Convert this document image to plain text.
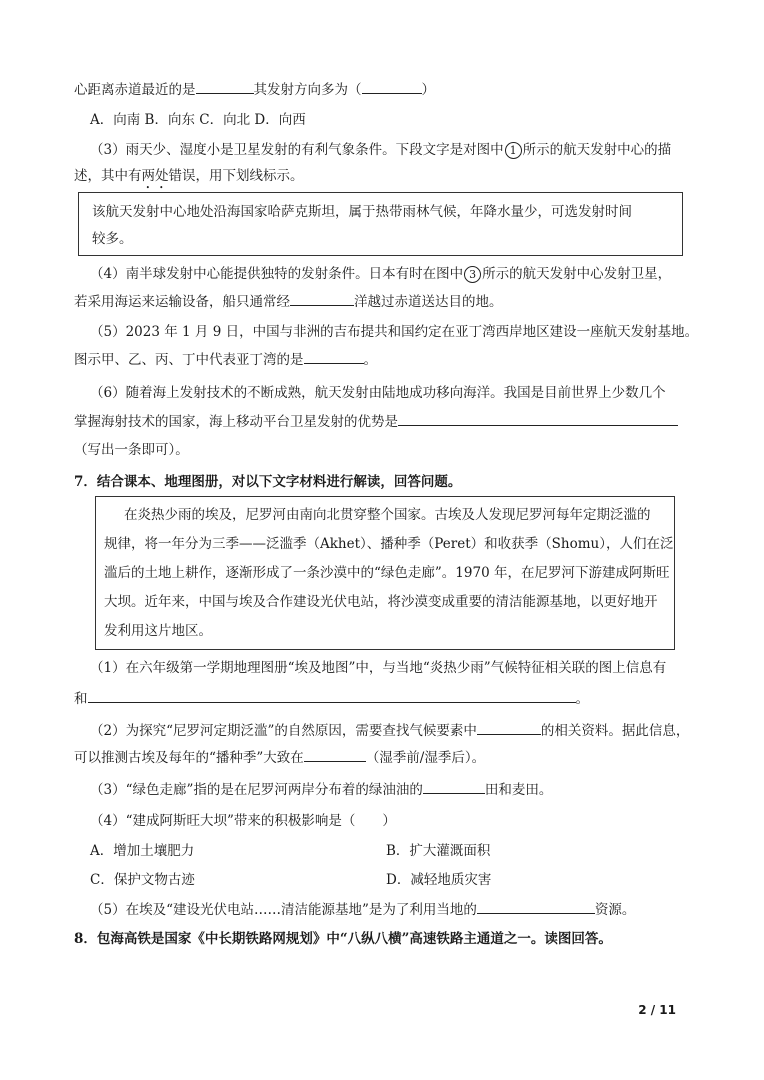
心距离赤道最近的是	其发射方向多为（	）
A．向南 B．向东 C．向北 D．向西
（3）雨天少、湿度小是卫星发射的有利气象条件。下段文字是对图中 1 所示的航天发射中心的描
述，其中有两处错误，用下划线标示。
该航天发射中心地处沿海国家哈萨克斯坦，属于热带雨林气候，年降水量少，可选发射时间
较多。
（4）南半球发射中心能提供独特的发射条件。日本有时在图中 3 所示的航天发射中心发射卫星，
若采用海运来运输设备，船只通常经	洋越过赤道送达目的地。
（5）2023 年 1 月 9 日，中国与非洲的吉布提共和国约定在亚丁湾西岸地区建设一座航天发射基地。
图示甲、乙、丙、丁中代表亚丁湾的是	。
（6）随着海上发射技术的不断成熟，航天发射由陆地成功移向海洋。我国是目前世界上少数几个
掌握海射技术的国家，海上移动平台卫星发射的优势是
（写出一条即可）。
7．结合课本、地理图册，对以下文字材料进行解读，回答问题。
在炎热少雨的埃及，尼罗河由南向北贯穿整个国家。古埃及人发现尼罗河每年定期泛滥的
规律，将一年分为三季——泛滥季（Akhet）、播种季（Peret）和收获季（Shomu），人们在泛
滥后的土地上耕作，逐渐形成了一条沙漠中的“绿色走廊”。1970 年，在尼罗河下游建成阿斯旺
大坝。近年来，中国与埃及合作建设光伏电站，将沙漠变成重要的清洁能源基地，以更好地开
发利用这片地区。
（1）在六年级第一学期地理图册“埃及地图”中，与当地“炎热少雨”气候特征相关联的图上信息有
和	。
（2）为探究“尼罗河定期泛滥”的自然原因，需要查找气候要素中	的相关资料。据此信息，
可以推测古埃及每年的“播种季”大致在	（湿季前/湿季后）。
（3）“绿色走廊”指的是在尼罗河两岸分布着的绿油油的	田和麦田。
（4）“建成阿斯旺大坝”带来的积极影响是（　　）
A．增加土壤肥力	B．扩大灌溉面积
C．保护文物古迹	D．减轻地质灾害
（5）在埃及“建设光伏电站……清洁能源基地”是为了利用当地的	资源。
8．包海高铁是国家《中长期铁路网规划》中“八纵八横”高速铁路主通道之一。读图回答。
2 / 11
